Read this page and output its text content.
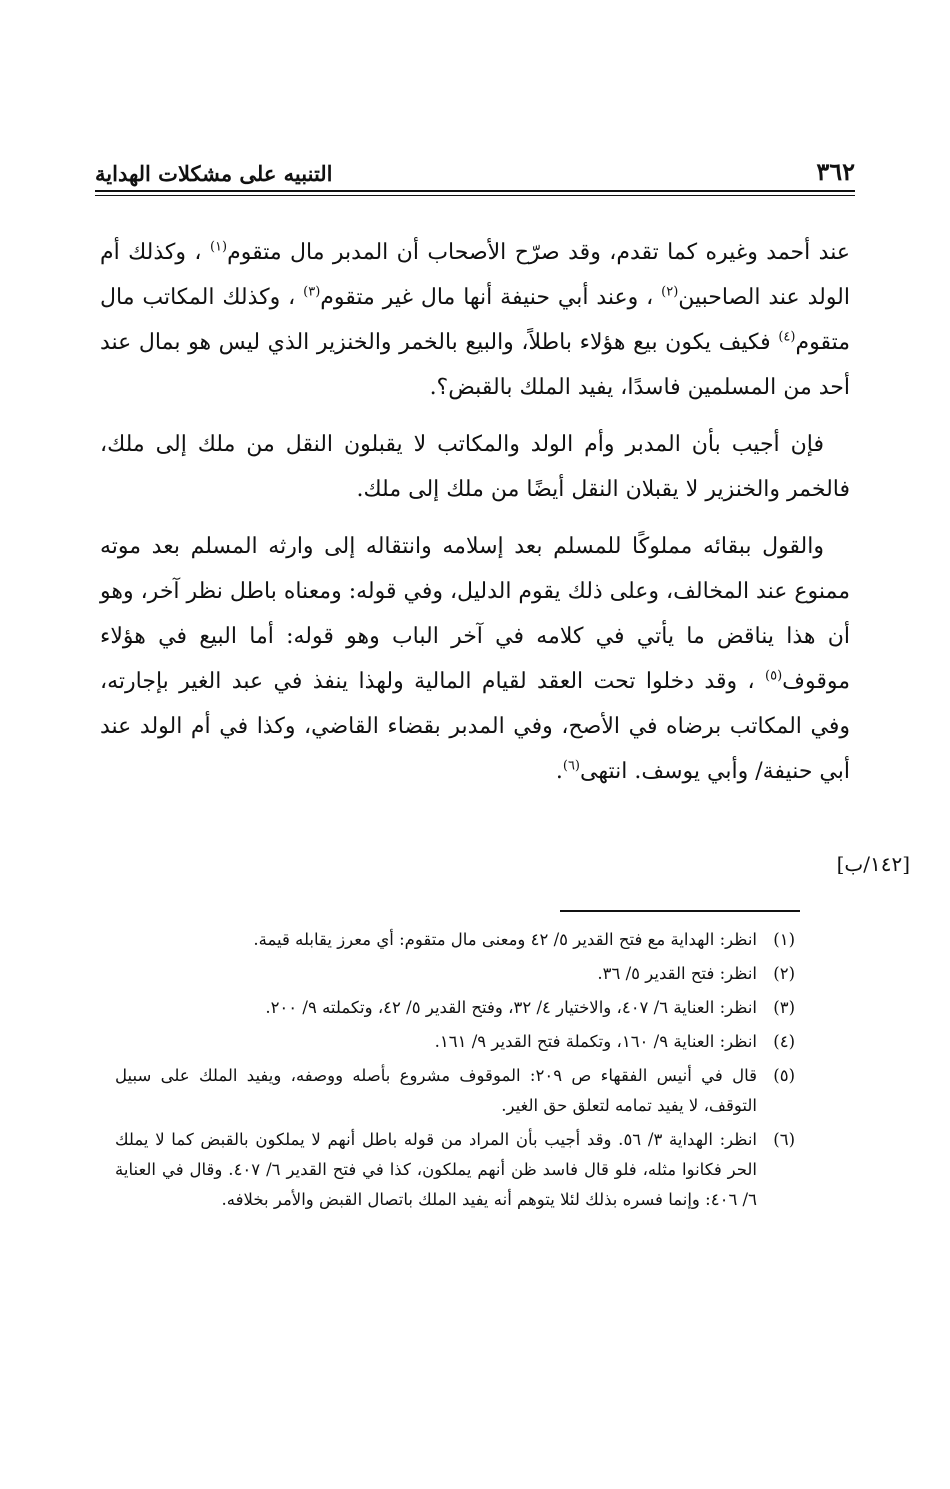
٣٦٢
التنبيه على مشكلات الهداية

عند أحمد وغيره كما تقدم، وقد صرّح الأصحاب أن المدبر مال متقوم$^{(١)}$ ، وكذلك أم الولد عند الصاحبين$^{(٢)}$ ، وعند أبي حنيفة أنها مال غير متقوم$^{(٣)}$ ، وكذلك المكاتب مال متقوم$^{(٤)}$ فكيف يكون بيع هؤلاء باطلاً، والبيع بالخمر والخنزير الذي ليس هو بمال عند أحد من المسلمين فاسدًا، يفيد الملك بالقبض؟.

فإن أجيب بأن المدبر وأم الولد والمكاتب لا يقبلون النقل من ملك إلى ملك، فالخمر والخنزير لا يقبلان النقل أيضًا من ملك إلى ملك.

والقول ببقائه مملوكًا للمسلم بعد إسلامه وانتقاله إلى وارثه المسلم بعد موته ممنوع عند المخالف، وعلى ذلك يقوم الدليل، وفي قوله: ومعناه باطل نظر آخر، وهو أن هذا يناقض ما يأتي في كلامه في آخر الباب وهو قوله: أما البيع في هؤلاء موقوف$^{(٥)}$ ، وقد دخلوا تحت العقد لقيام المالية ولهذا ينفذ في عبد الغير بإجارته، وفي المكاتب برضاه في الأصح، وفي المدبر بقضاء القاضي، وكذا في أم الولد عند أبي حنيفة/ وأبي يوسف. انتهى$^{(٦)}$.

[١٤٢/ب]
(١)
انظر: الهداية مع فتح القدير ٥/ ٤٢ ومعنى مال متقوم: أي معرز يقابله قيمة.
(٢)
انظر: فتح القدير ٥/ ٣٦.
(٣)
انظر: العناية ٦/ ٤٠٧، والاختيار ٤/ ٣٢، وفتح القدير ٥/ ٤٢، وتكملته ٩/ ٢٠٠.
(٤)
انظر: العناية ٩/ ١٦٠، وتكملة فتح القدير ٩/ ١٦١.
(٥)
قال في أنيس الفقهاء ص ٢٠٩: الموقوف مشروع بأصله ووصفه، ويفيد الملك على سبيل التوقف، لا يفيد تمامه لتعلق حق الغير.
(٦)
انظر: الهداية ٣/ ٥٦. وقد أجيب بأن المراد من قوله باطل أنهم لا يملكون بالقبض كما لا يملك الحر فكانوا مثله، فلو قال فاسد ظن أنهم يملكون، كذا في فتح القدير ٦/ ٤٠٧. وقال في العناية ٦/ ٤٠٦: وإنما فسره بذلك لئلا يتوهم أنه يفيد الملك باتصال القبض والأمر بخلافه.
